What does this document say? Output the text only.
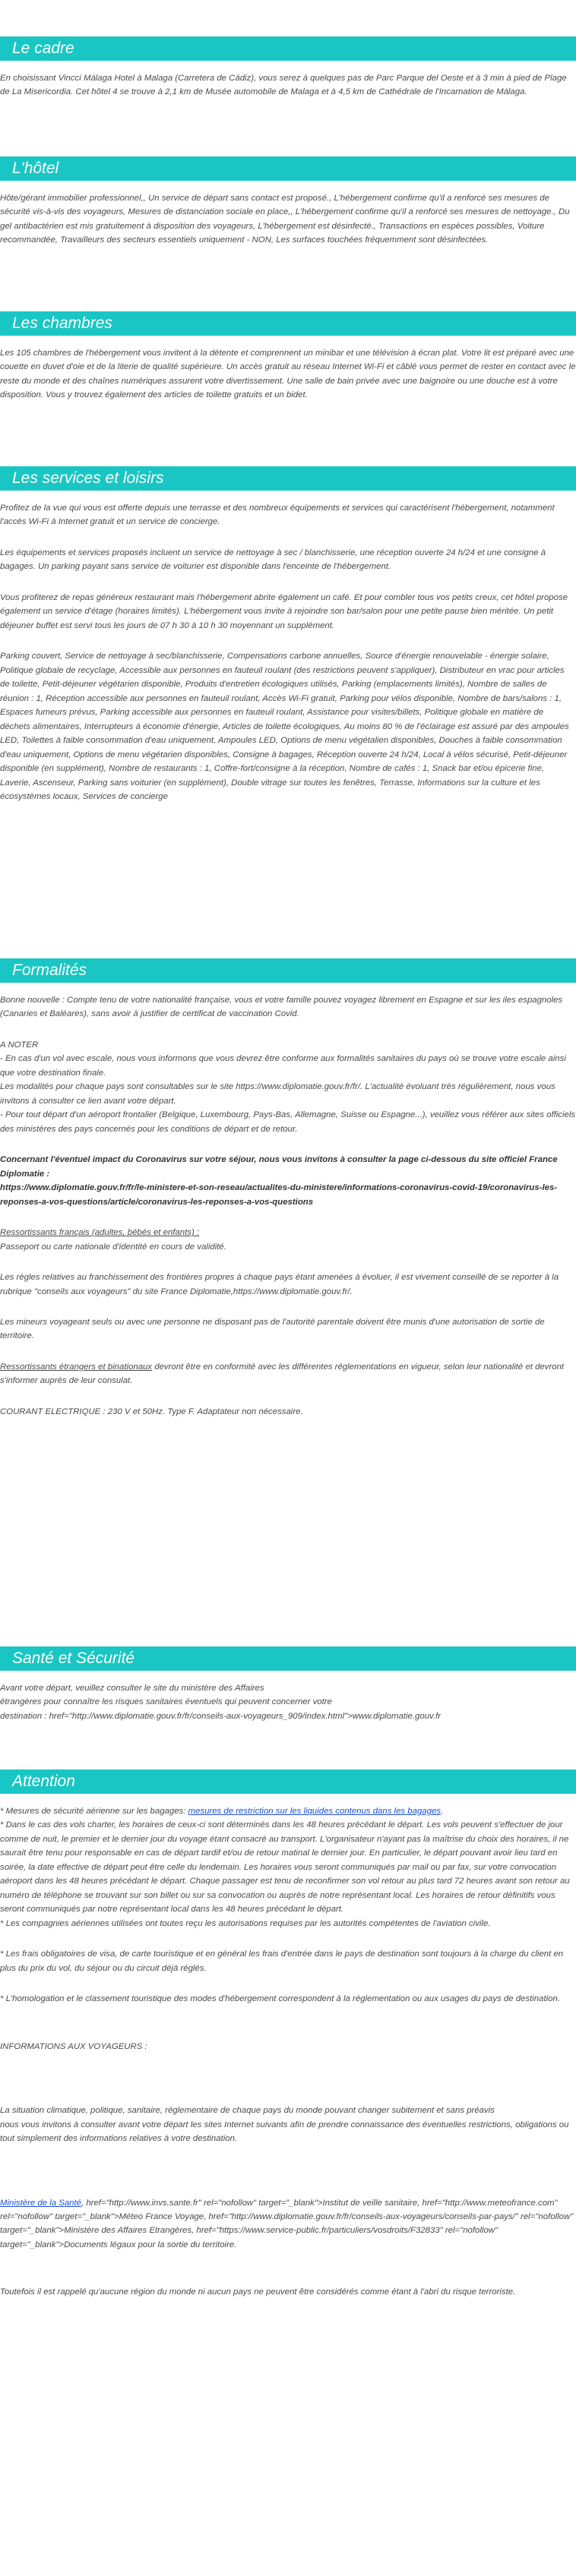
Le cadre

En choisissant Vincci Málaga Hotel à Malaga (Carretera de Cádiz), vous serez à quelques pas de Parc Parque del Oeste et à 3 min à pied de Plage de La Misericordia. Cet hôtel 4 se trouve à 2,1 km de Musée automobile de Malaga et à 4,5 km de Cathédrale de l'Incarnation de Málaga.

L'hôtel

Hôte/gérant immobilier professionnel,, Un service de départ sans contact est proposé., L'hébergement confirme qu'il a renforcé ses mesures de sécurité vis-à-vis des voyageurs, Mesures de distanciation sociale en place,, L'hébergement confirme qu'il a renforcé ses mesures de nettoyage., Du gel antibactérien est mis gratuitement à disposition des voyageurs, L'hébergement est désinfecté., Transactions en espèces possibles, Voiture recommandée, Travailleurs des secteurs essentiels uniquement - NON, Les surfaces touchées fréquemment sont désinfectées.

Les chambres

Les 105 chambres de l'hébergement vous invitent à la détente et comprennent un minibar et une télévision à écran plat. Votre lit est préparé avec une couette en duvet d'oie et de la literie de qualité supérieure. Un accès gratuit au réseau Internet Wi-Fi et câblé vous permet de rester en contact avec le reste du monde et des chaînes numériques assurent votre divertissement. Une salle de bain privée avec une baignoire ou une douche est à votre disposition. Vous y trouvez également des articles de toilette gratuits et un bidet.

Les services et loisirs

Profitez de la vue qui vous est offerte depuis une terrasse et des nombreux équipements et services qui caractérisent l'hébergement, notamment l'accès Wi-Fi à Internet gratuit et un service de concierge.

Les équipements et services proposés incluent un service de nettoyage à sec / blanchisserie, une réception ouverte 24 h/24 et une consigne à bagages. Un parking payant sans service de voiturier est disponible dans l'enceinte de l'hébergement.

Vous profiterez de repas généreux restaurant mais l'hébergement abrite également un café. Et pour combler tous vos petits creux, cet hôtel propose également un service d'étage (horaires limités). L'hébergement vous invite à rejoindre son bar/salon pour une petite pause bien méritée. Un petit déjeuner buffet est servi tous les jours de 07 h 30 à 10 h 30 moyennant un supplément.

Parking couvert, Service de nettoyage à sec/blanchisserie, Compensations carbone annuelles, Source d'énergie renouvelable - énergie solaire, Politique globale de recyclage, Accessible aux personnes en fauteuil roulant (des restrictions peuvent s'appliquer), Distributeur en vrac pour articles de toilette, Petit-déjeuner végétarien disponible, Produits d'entretien écologiques utilisés, Parking (emplacements limités), Nombre de salles de réunion : 1, Réception accessible aux personnes en fauteuil roulant, Accès Wi-Fi gratuit, Parking pour vélos disponible, Nombre de bars/salons : 1, Espaces fumeurs prévus, Parking accessible aux personnes en fauteuil roulant, Assistance pour visites/billets, Politique globale en matière de déchets alimentaires, Interrupteurs à économie d'énergie, Articles de toilette écologiques, Au moins 80 % de l'éclairage est assuré par des ampoules LED, Toilettes à faible consommation d'eau uniquement, Ampoules LED, Options de menu végétalien disponibles, Douches à faible consommation d'eau uniquement, Options de menu végétarien disponibles, Consigne à bagages, Réception ouverte 24 h/24, Local à vélos sécurisé, Petit-déjeuner disponible (en supplément), Nombre de restaurants : 1, Coffre-fort/consigne à la réception, Nombre de cafés : 1, Snack bar et/ou épicerie fine, Laverie, Ascenseur, Parking sans voiturier (en supplément), Double vitrage sur toutes les fenêtres, Terrasse, Informations sur la culture et les écosystèmes locaux, Services de concierge

Formalités

Bonne nouvelle : Compte tenu de votre nationalité française, vous et votre famille pouvez voyagez librement en Espagne et sur les iles espagnoles (Canaries et Baléares), sans avoir à justifier de certificat de vaccination Covid.

A NOTER

- En cas d'un vol avec escale, nous vous informons que vous devrez être conforme aux formalités sanitaires du pays où se trouve votre escale ainsi que votre destination finale.

Les modalités pour chaque pays sont consultables sur le site https://www.diplomatie.gouv.fr/fr/. L'actualité évoluant très régulièrement, nous vous invitons à consulter ce lien avant votre départ.

- Pour tout départ d'un aéroport frontalier (Belgique, Luxembourg, Pays-Bas, Allemagne, Suisse ou Espagne...), veuillez vous référer aux sites officiels des ministères des pays concernés pour les conditions de départ et de retour.

Concernant l'éventuel impact du Coronavirus sur votre séjour, nous vous invitons à consulter la page ci-dessous du site officiel France Diplomatie :

https://www.diplomatie.gouv.fr/fr/le-ministere-et-son-reseau/actualites-du-ministere/informations-coronavirus-covid-19/coronavirus-les-reponses-a-vos-questions/article/coronavirus-les-reponses-a-vos-questions

Ressortissants français (adultes, bébés et enfants) :

Passeport ou carte nationale d'identité en cours de validité.

Les règles relatives au franchissement des frontières propres à chaque pays étant amenées à évoluer, il est vivement conseillé de se reporter à la rubrique "conseils aux voyageurs" du site France Diplomatie,https://www.diplomatie.gouv.fr/.

Les mineurs voyageant seuls ou avec une personne ne disposant pas de l'autorité parentale doivent être munis d'une autorisation de sortie de territoire.

Ressortissants étrangers et binationaux devront être en conformité avec les différentes réglementations en vigueur, selon leur nationalité et devront s'informer auprès de leur consulat.

COURANT ELECTRIQUE : 230 V et 50Hz. Type F. Adaptateur non nécessaire.

Santé et Sécurité

Avant votre départ, veuillez consulter le site du ministère des Affaires

étrangères pour connaître les risques sanitaires éventuels qui peuvent concerner votre

destination : href="http://www.diplomatie.gouv.fr/fr/conseils-aux-voyageurs_909/index.html">www.diplomatie.gouv.fr

Attention

* Mesures de sécurité aérienne sur les bagages: mesures de restriction sur les liquides contenus dans les bagages.

* Dans le cas des vols charter, les horaires de ceux-ci sont déterminés dans les 48 heures précédant le départ. Les vols peuvent s'effectuer de jour comme de nuit, le premier et le dernier jour du voyage étant consacré au transport. L'organisateur n'ayant pas la maîtrise du choix des horaires, il ne saurait être tenu pour responsable en cas de départ tardif et/ou de retour matinal le dernier jour. En particulier, le départ pouvant avoir lieu tard en soirée, la date effective de départ peut être celle du lendemain. Les horaires vous seront communiqués par mail ou par fax, sur votre convocation aéroport dans les 48 heures précédant le départ. Chaque passager est tenu de reconfirmer son vol retour au plus tard 72 heures avant son retour au numéro de téléphone se trouvant sur son billet ou sur sa convocation ou auprès de notre représentant local. Les horaires de retour définitifs vous seront communiqués par notre représentant local dans les 48 heures précédant le départ.

* Les compagnies aériennes utilisées ont toutes reçu les autorisations requises par les autorités compétentes de l'aviation civile.

* Les frais obligatoires de visa, de carte touristique et en général les frais d'entrée dans le pays de destination sont toujours à la charge du client en plus du prix du vol, du séjour ou du circuit déjà réglés.

* L'homologation et le classement touristique des modes d'hébergement correspondent à la réglementation ou aux usages du pays de destination.

INFORMATIONS AUX VOYAGEURS :

La situation climatique, politique, sanitaire, réglementaire de chaque pays du monde pouvant changer subitement et sans préavis

nous vous invitons à consulter avant votre départ les sites Internet suivants afin de prendre connaissance des éventuelles restrictions, obligations ou tout simplement des informations relatives à votre destination.

Ministère de la Santé, href="http://www.invs.sante.fr" rel="nofollow" target="_blank">Institut de veille sanitaire, href="http://www.meteofrance.com" rel="nofollow" target="_blank">Méteo France Voyage, href="http://www.diplomatie.gouv.fr/fr/conseils-aux-voyageurs/conseils-par-pays/" rel="nofollow" target="_blank">Ministère des Affaires Etrangères, href="https://www.service-public.fr/particuliers/vosdroits/F32833" rel="nofollow" target="_blank">Documents légaux pour la sortie du territoire.

Toutefois il est rappelé qu'aucune région du monde ni aucun pays ne peuvent être considérés comme étant à l'abri du risque terroriste.
